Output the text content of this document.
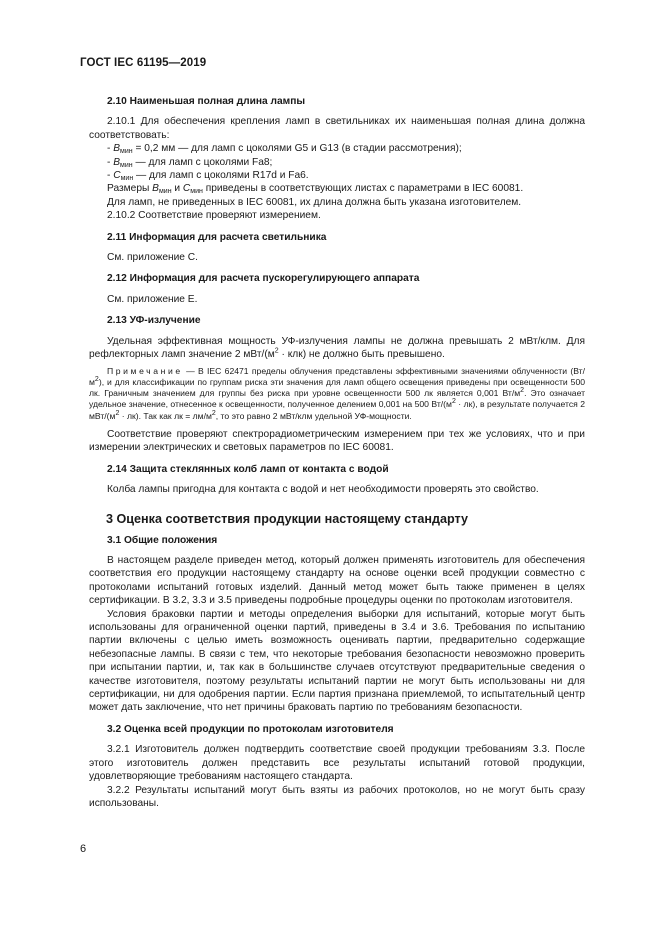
ГОСТ IEC 61195—2019
2.10 Наименьшая полная длина лампы

2.10.1 Для обеспечения крепления ламп в светильниках их наименьшая полная длина должна соответствовать:

- $B_{мин} = 0,2$ мм — для ламп с цоколями G5 и G13 (в стадии рассмотрения);

- $B_{мин}$ — для ламп с цоколями Fa8;

- $C_{мин}$ — для ламп с цоколями R17d и Fa6.

Размеры $B_{мин}$ и $C_{мин}$ приведены в соответствующих листах с параметрами в IEC 60081.

Для ламп, не приведенных в IEC 60081, их длина должна быть указана изготовителем.

2.10.2 Соответствие проверяют измерением.

2.11 Информация для расчета светильника

См. приложение С.

2.12 Информация для расчета пускорегулирующего аппарата

См. приложение Е.

2.13 УФ-излучение

Удельная эффективная мощность УФ-излучения лампы не должна превышать 2 мВт/клм. Для рефлекторных ламп значение 2 мВт/$(м^2 \cdot клк)$ не должно быть превышено.

Примечание — В IEC 62471 пределы облучения представлены эффективными значениями облученности $(Вт/м^2)$, и для классификации по группам риска эти значения для ламп общего освещения приведены при освещенности 500 лк. Граничным значением для группы без риска при уровне освещенности 500 лк является 0,001 $Вт/м^2$. Это означает удельное значение, отнесенное к освещенности, полученное делением 0,001 на 500 $Вт/(м^2 \cdot лк)$, в результате получается 2 мВт/$(м^2 \cdot лк)$. Так как лк = $лм/м^2$, то это равно 2 мВт/клм удельной УФ-мощности.

Соответствие проверяют спектрорадиометрическим измерением при тех же условиях, что и при измерении электрических и световых параметров по IEC 60081.

2.14 Защита стеклянных колб ламп от контакта с водой

Колба лампы пригодна для контакта с водой и нет необходимости проверять это свойство.

3 Оценка соответствия продукции настоящему стандарту
3.1 Общие положения

В настоящем разделе приведен метод, который должен применять изготовитель для обеспечения соответствия его продукции настоящему стандарту на основе оценки всей продукции совместно с протоколами испытаний готовых изделий. Данный метод может быть также применен в целях сертификации. В 3.2, 3.3 и 3.5 приведены подробные процедуры оценки по протоколам изготовителя.

Условия браковки партии и методы определения выборки для испытаний, которые могут быть использованы для ограниченной оценки партий, приведены в 3.4 и 3.6. Требования по испытанию партии включены с целью иметь возможность оценивать партии, предварительно содержащие небезопасные лампы. В связи с тем, что некоторые требования безопасности невозможно проверить при испытании партии, и, так как в большинстве случаев отсутствуют предварительные сведения о качестве изготовителя, поэтому результаты испытаний партии не могут быть использованы ни для сертификации, ни для одобрения партии. Если партия признана приемлемой, то испытательный центр может дать заключение, что нет причины браковать партию по требованиям безопасности.

3.2 Оценка всей продукции по протоколам изготовителя

3.2.1 Изготовитель должен подтвердить соответствие своей продукции требованиям 3.3. После этого изготовитель должен представить все результаты испытаний готовой продукции, удовлетворяющие требованиям настоящего стандарта.

3.2.2 Результаты испытаний могут быть взяты из рабочих протоколов, но не могут быть сразу использованы.

6
